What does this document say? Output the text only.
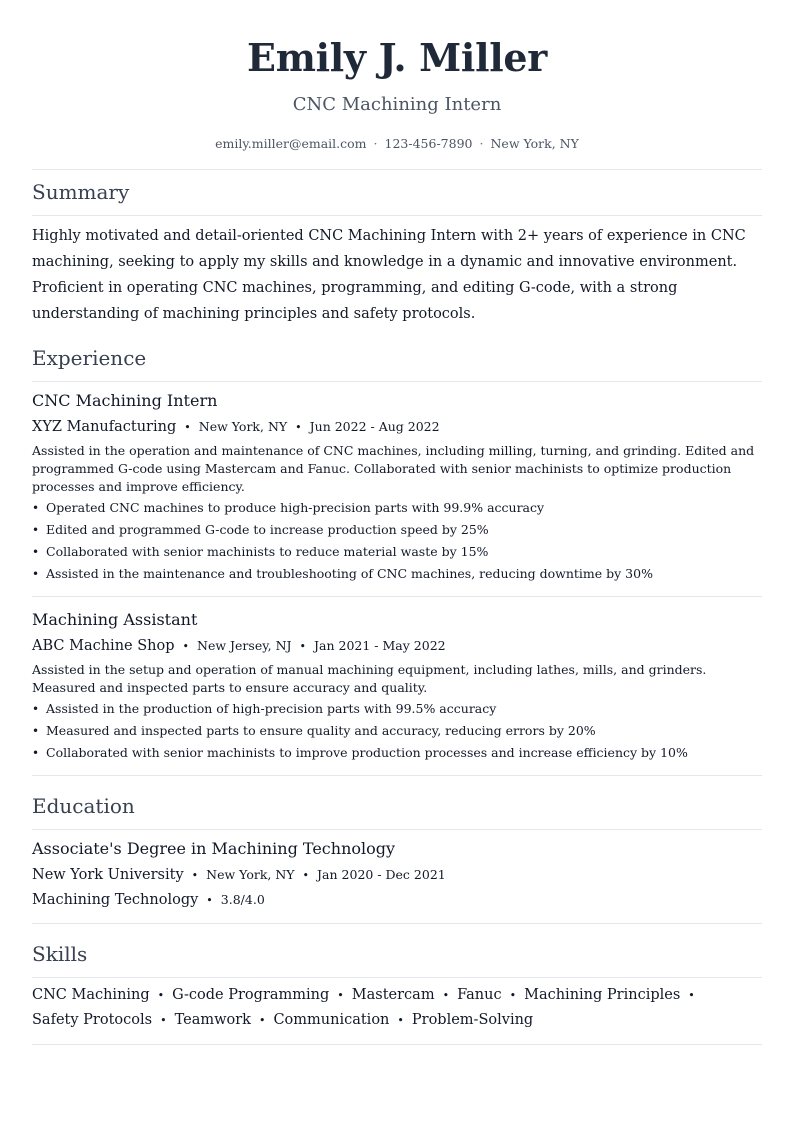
Emily J. Miller
CNC Machining Intern
emily.miller@email.com · 123-456-7890 · New York, NY
Summary
Highly motivated and detail-oriented CNC Machining Intern with 2+ years of experience in CNC machining, seeking to apply my skills and knowledge in a dynamic and innovative environment. Proficient in operating CNC machines, programming, and editing G-code, with a strong understanding of machining principles and safety protocols.
Experience
CNC Machining Intern
XYZ Manufacturing • New York, NY • Jun 2022 - Aug 2022
Assisted in the operation and maintenance of CNC machines, including milling, turning, and grinding. Edited and programmed G-code using Mastercam and Fanuc. Collaborated with senior machinists to optimize production processes and improve efficiency.
• Operated CNC machines to produce high-precision parts with 99.9% accuracy
• Edited and programmed G-code to increase production speed by 25%
• Collaborated with senior machinists to reduce material waste by 15%
• Assisted in the maintenance and troubleshooting of CNC machines, reducing downtime by 30%
Machining Assistant
ABC Machine Shop • New Jersey, NJ • Jan 2021 - May 2022
Assisted in the setup and operation of manual machining equipment, including lathes, mills, and grinders. Measured and inspected parts to ensure accuracy and quality.
• Assisted in the production of high-precision parts with 99.5% accuracy
• Measured and inspected parts to ensure quality and accuracy, reducing errors by 20%
• Collaborated with senior machinists to improve production processes and increase efficiency by 10%
Education
Associate's Degree in Machining Technology
New York University • New York, NY • Jan 2020 - Dec 2021
Machining Technology • 3.8/4.0
Skills
CNC Machining • G-code Programming • Mastercam • Fanuc • Machining Principles •
Safety Protocols • Teamwork • Communication • Problem-Solving
